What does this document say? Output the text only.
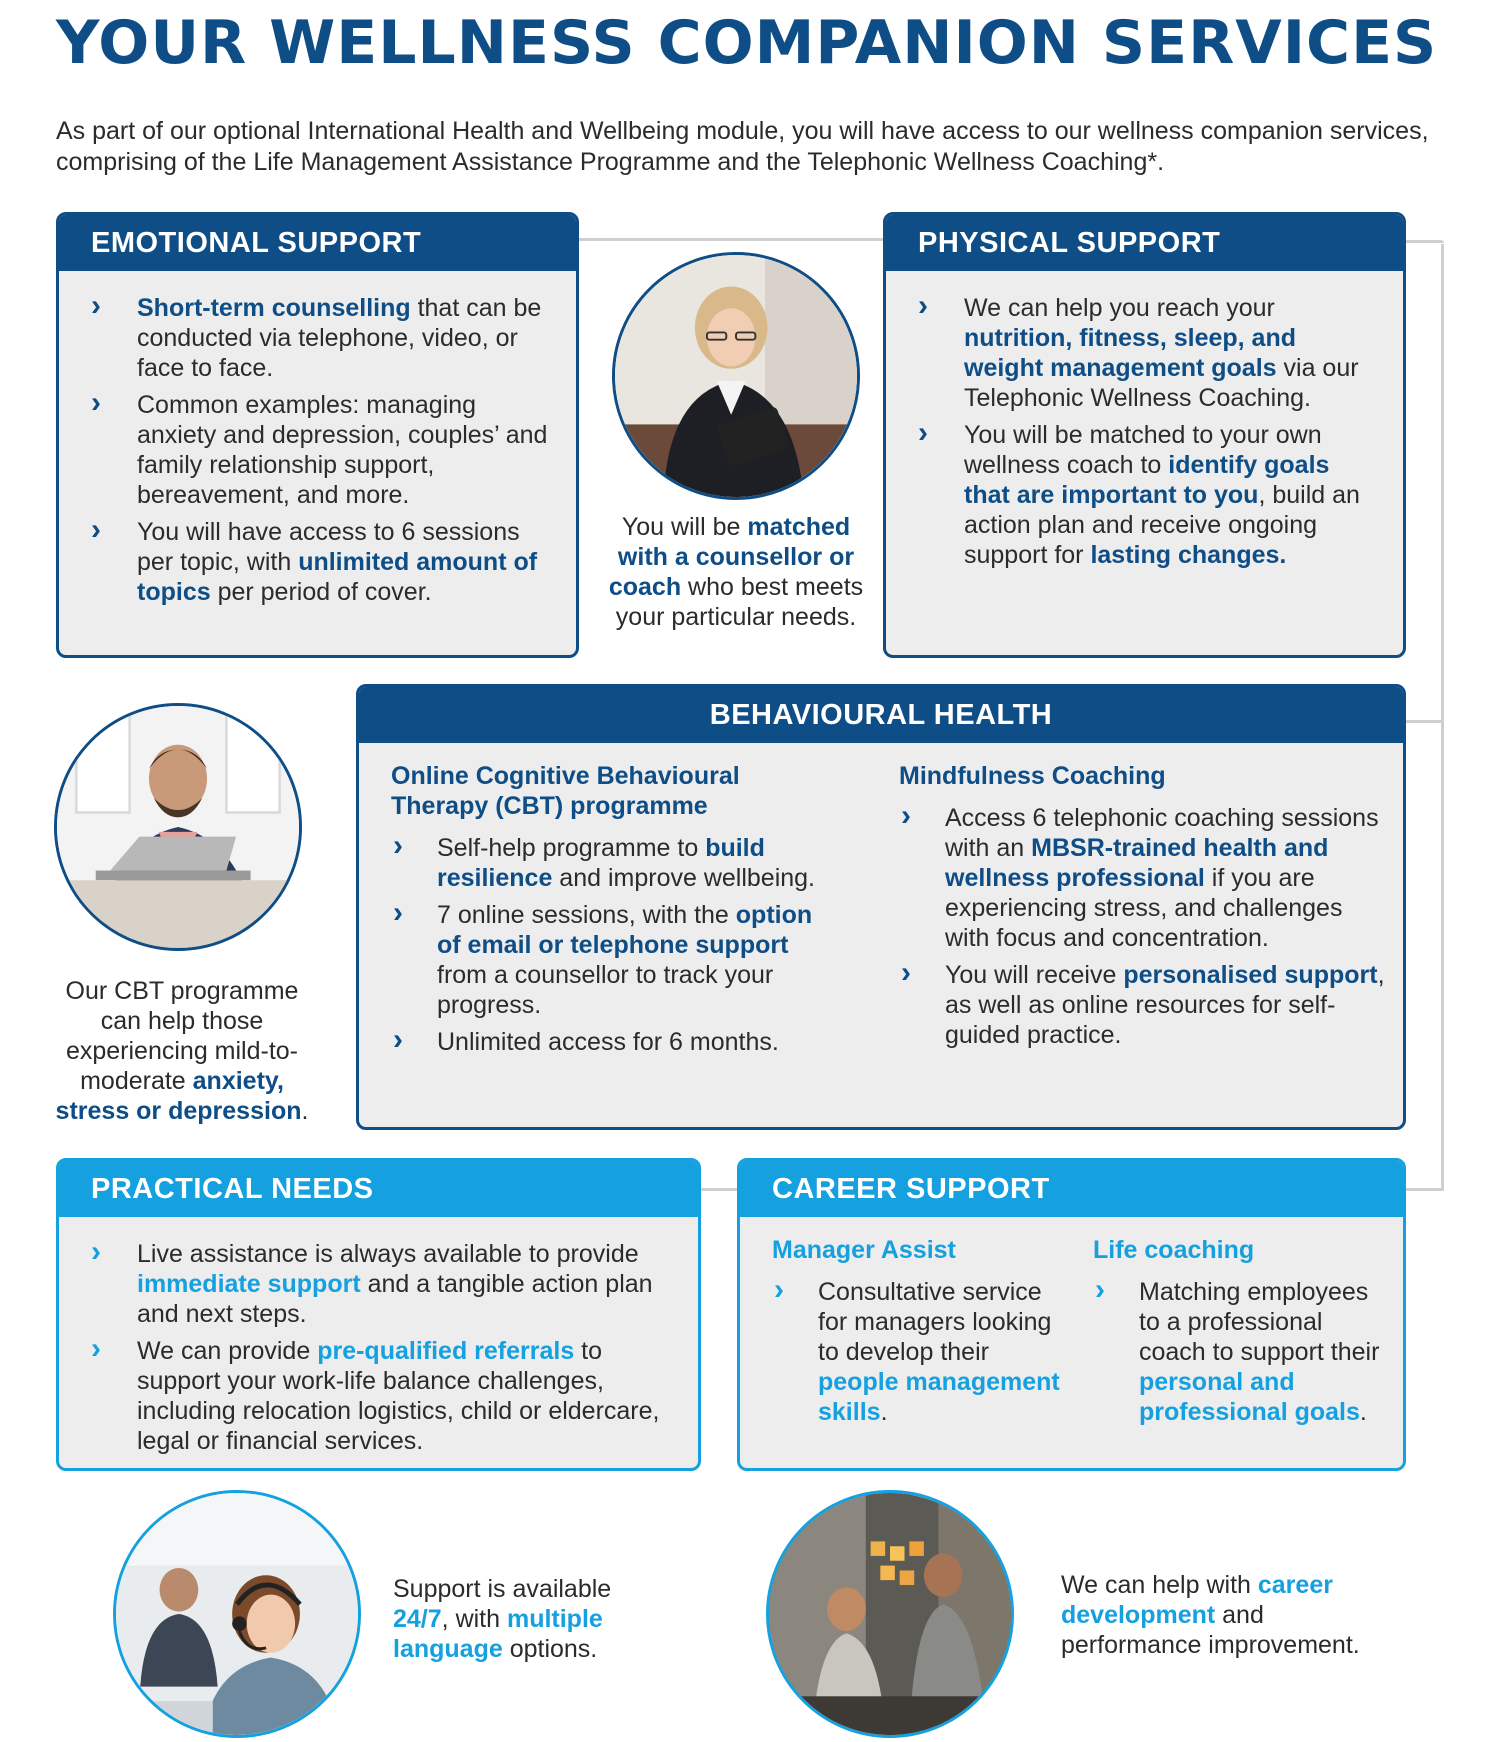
YOUR WELLNESS COMPANION SERVICES
As part of our optional International Health and Wellbeing module, you will have access to our wellness companion services, comprising of the Life Management Assistance Programme and the Telephonic Wellness Coaching*.
EMOTIONAL SUPPORT
› Short-term counselling that can be conducted via telephone, video, or face to face.
› Common examples: managing anxiety and depression, couples’ and family relationship support, bereavement, and more.
› You will have access to 6 sessions per topic, with unlimited amount of topics per period of cover.
You will be matched with a counsellor or coach who best meets your particular needs.
PHYSICAL SUPPORT
› We can help you reach your nutrition, fitness, sleep, and weight management goals via our Telephonic Wellness Coaching.
› You will be matched to your own wellness coach to identify goals that are important to you, build an action plan and receive ongoing support for lasting changes.
Our CBT programme can help those experiencing mild-to-moderate anxiety, stress or depression.
BEHAVIOURAL HEALTH
Online Cognitive Behavioural Therapy (CBT) programme
› Self-help programme to build resilience and improve wellbeing.
› 7 online sessions, with the option of email or telephone support from a counsellor to track your progress.
› Unlimited access for 6 months.
Mindfulness Coaching
› Access 6 telephonic coaching sessions with an MBSR-trained health and wellness professional if you are experiencing stress, and challenges with focus and concentration.
› You will receive personalised support, as well as online resources for self-guided practice.
PRACTICAL NEEDS
› Live assistance is always available to provide immediate support and a tangible action plan and next steps.
› We can provide pre-qualified referrals to support your work-life balance challenges, including relocation logistics, child or eldercare, legal or financial services.
CAREER SUPPORT
Manager Assist
› Consultative service for managers looking to develop their people management skills.
Life coaching
› Matching employees to a professional coach to support their personal and professional goals.
Support is available 24/7, with multiple language options.
We can help with career development and performance improvement.
